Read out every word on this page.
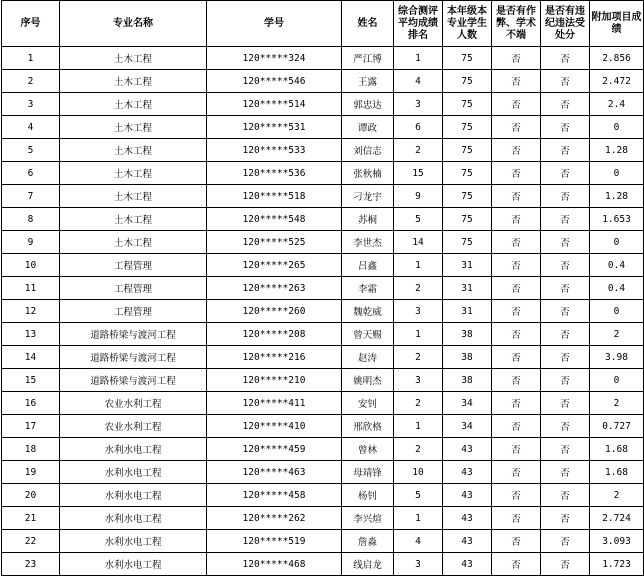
序号	专业名称	学号	姓名	综合测评平均成绩排名	本年级本专业学生人数	是否有作弊、学术不端	是否有违纪违法受处分	附加项目成绩
1	土木工程	120*****324	严江博	1	75	否	否	2.856
2	土木工程	120*****546	王露	4	75	否	否	2.472
3	土木工程	120*****514	郭忠达	3	75	否	否	2.4
4	土木工程	120*****531	谭政	6	75	否	否	0
5	土木工程	120*****533	刘信志	2	75	否	否	1.28
6	土木工程	120*****536	张秋楠	15	75	否	否	0
7	土木工程	120*****518	刁龙宇	9	75	否	否	1.28
8	土木工程	120*****548	苏桐	5	75	否	否	1.653
9	土木工程	120*****525	李世杰	14	75	否	否	0
10	工程管理	120*****265	吕鑫	1	31	否	否	0.4
11	工程管理	120*****263	李霜	2	31	否	否	0.4
12	工程管理	120*****260	魏乾威	3	31	否	否	0
13	道路桥梁与渡河工程	120*****208	曾天赐	1	38	否	否	2
14	道路桥梁与渡河工程	120*****216	赵涛	2	38	否	否	3.98
15	道路桥梁与渡河工程	120*****210	姚明杰	3	38	否	否	0
16	农业水利工程	120*****411	安钊	2	34	否	否	2
17	农业水利工程	120*****410	邢欣格	1	34	否	否	0.727
18	水利水电工程	120*****459	曾林	2	43	否	否	1.68
19	水利水电工程	120*****463	母靖锋	10	43	否	否	1.68
20	水利水电工程	120*****458	杨钊	5	43	否	否	2
21	水利水电工程	120*****262	李兴煊	1	43	否	否	2.724
22	水利水电工程	120*****519	詹淼	4	43	否	否	3.093
23	水利水电工程	120*****468	线启龙	3	43	否	否	1.723
